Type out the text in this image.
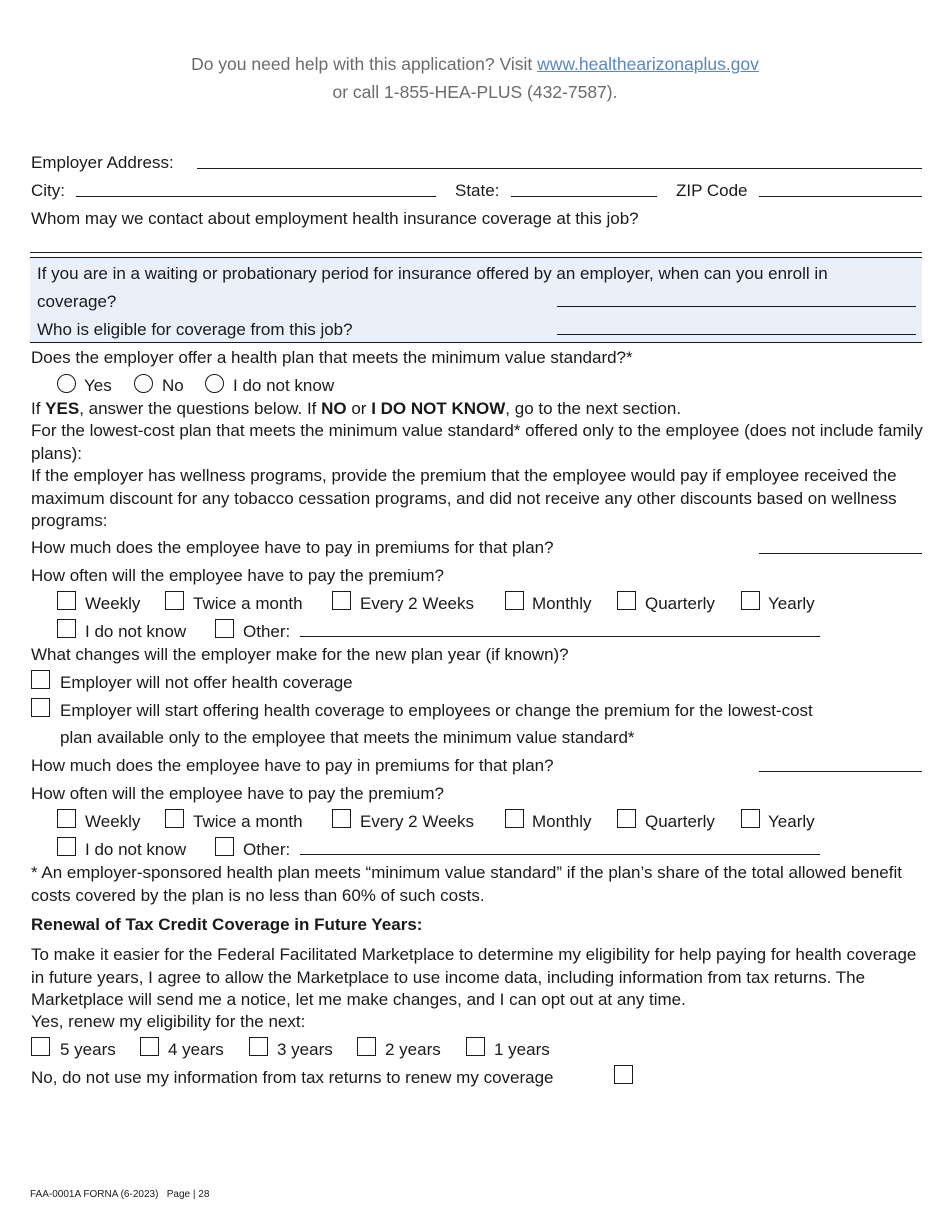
Do you need help with this application? Visit www.healthearizonaplus.gov
or call 1-855-HEA-PLUS (432-7587).
Employer Address:
City:	State:	ZIP Code
Whom may we contact about employment health insurance coverage at this job?
If you are in a waiting or probationary period for insurance offered by an employer, when can you enroll in
coverage?
Who is eligible for coverage from this job?
Does the employer offer a health plan that meets the minimum value standard?*
Yes	No	I do not know
If YES, answer the questions below. If NO or I DO NOT KNOW, go to the next section.
For the lowest-cost plan that meets the minimum value standard* offered only to the employee (does not include family plans):
If the employer has wellness programs, provide the premium that the employee would pay if employee received the maximum discount for any tobacco cessation programs, and did not receive any other discounts based on wellness programs:
How much does the employee have to pay in premiums for that plan?
How often will the employee have to pay the premium?
Weekly	Twice a month	Every 2 Weeks	Monthly	Quarterly	Yearly
I do not know	Other:
What changes will the employer make for the new plan year (if known)?
Employer will not offer health coverage
Employer will start offering health coverage to employees or change the premium for the lowest-cost
plan available only to the employee that meets the minimum value standard*
How much does the employee have to pay in premiums for that plan?
How often will the employee have to pay the premium?
Weekly	Twice a month	Every 2 Weeks	Monthly	Quarterly	Yearly
I do not know	Other:
* An employer-sponsored health plan meets “minimum value standard” if the plan’s share of the total allowed benefit costs covered by the plan is no less than 60% of such costs.
Renewal of Tax Credit Coverage in Future Years:
To make it easier for the Federal Facilitated Marketplace to determine my eligibility for help paying for health coverage in future years, I agree to allow the Marketplace to use income data, including information from tax returns. The Marketplace will send me a notice, let me make changes, and I can opt out at any time.
Yes, renew my eligibility for the next:
5 years	4 years	3 years	2 years	1 years
No, do not use my information from tax returns to renew my coverage
FAA-0001A FORNA (6-2023) Page | 28
